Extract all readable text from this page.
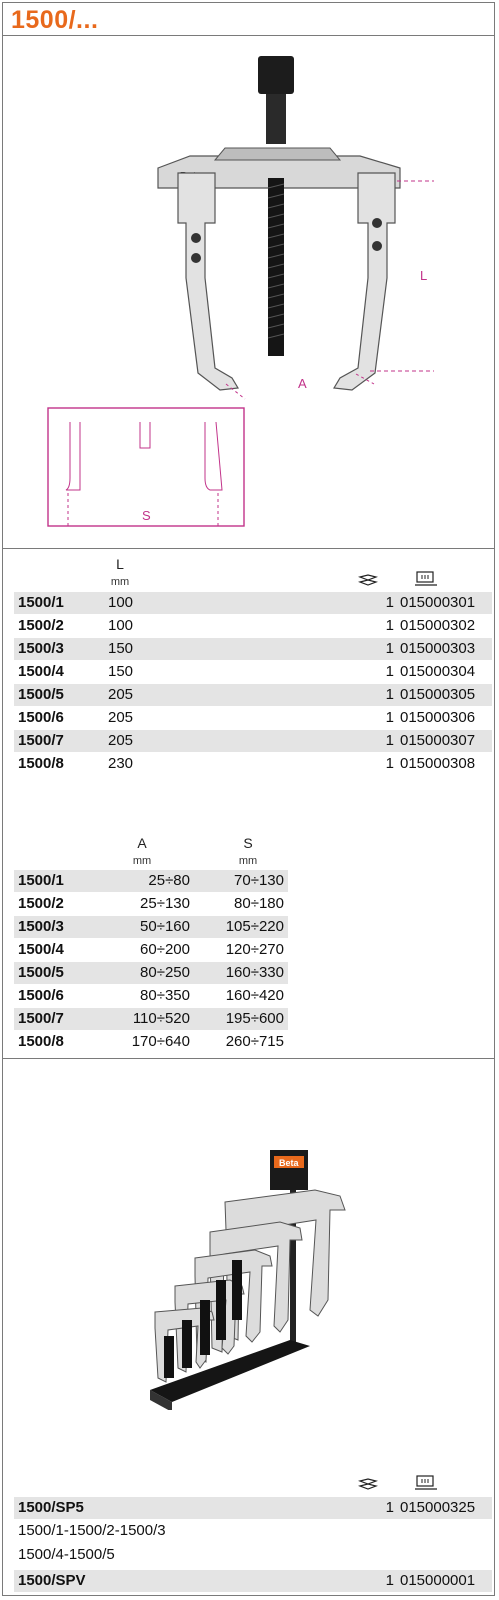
1500/...
L
A
S
L
mm
1500/1	100	1 015000301
1500/2	100	1 015000302
1500/3	150	1 015000303
1500/4	150	1 015000304
1500/5	205	1 015000305
1500/6	205	1 015000306
1500/7	205	1 015000307
1500/8	230	1 015000308
A
mm
S
mm
1500/1	25÷80	70÷130
1500/2	25÷130	80÷180
1500/3	50÷160	105÷220
1500/4	60÷200	120÷270
1500/5	80÷250	160÷330
1500/6	80÷350	160÷420
1500/7	110÷520	195÷600
1500/8	170÷640	260÷715
Beta
1500/SP5	1 015000325
1500/1-1500/2-1500/3
1500/4-1500/5
1500/SPV	1 015000001
